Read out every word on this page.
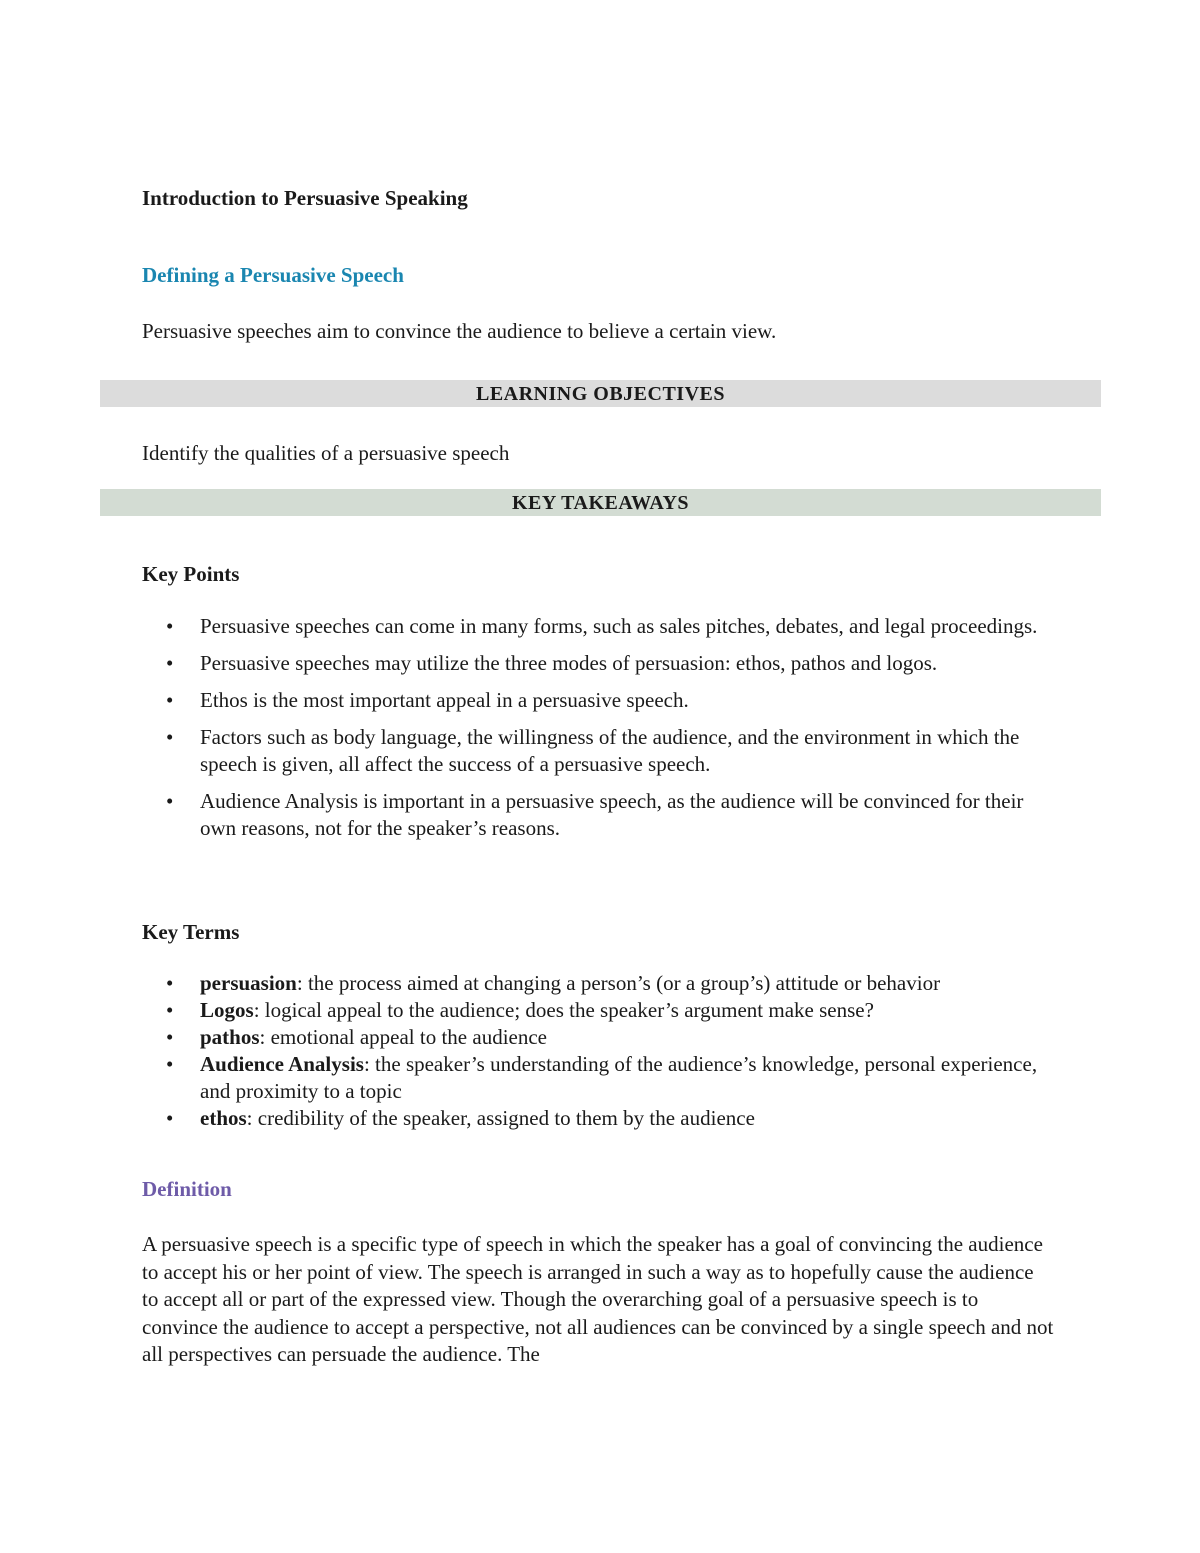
Introduction to Persuasive Speaking
Defining a Persuasive Speech

Persuasive speeches aim to convince the audience to believe a certain view.

LEARNING OBJECTIVES

Identify the qualities of a persuasive speech

KEY TAKEAWAYS
Key Points
• Persuasive speeches can come in many forms, such as sales pitches, debates, and legal proceedings.
• Persuasive speeches may utilize the three modes of persuasion: ethos, pathos and logos.
• Ethos is the most important appeal in a persuasive speech.
• Factors such as body language, the willingness of the audience, and the environment in which the speech is given, all affect the success of a persuasive speech.
• Audience Analysis is important in a persuasive speech, as the audience will be convinced for their own reasons, not for the speaker’s reasons.
Key Terms
• persuasion: the process aimed at changing a person’s (or a group’s) attitude or behavior
• Logos: logical appeal to the audience; does the speaker’s argument make sense?
• pathos: emotional appeal to the audience
• Audience Analysis: the speaker’s understanding of the audience’s knowledge, personal experience, and proximity to a topic
• ethos: credibility of the speaker, assigned to them by the audience
Definition

A persuasive speech is a specific type of speech in which the speaker has a goal of convincing the audience to accept his or her point of view. The speech is arranged in such a way as to hopefully cause the audience to accept all or part of the expressed view. Though the overarching goal of a persuasive speech is to convince the audience to accept a perspective, not all audiences can be convinced by a single speech and not all perspectives can persuade the audience. The
